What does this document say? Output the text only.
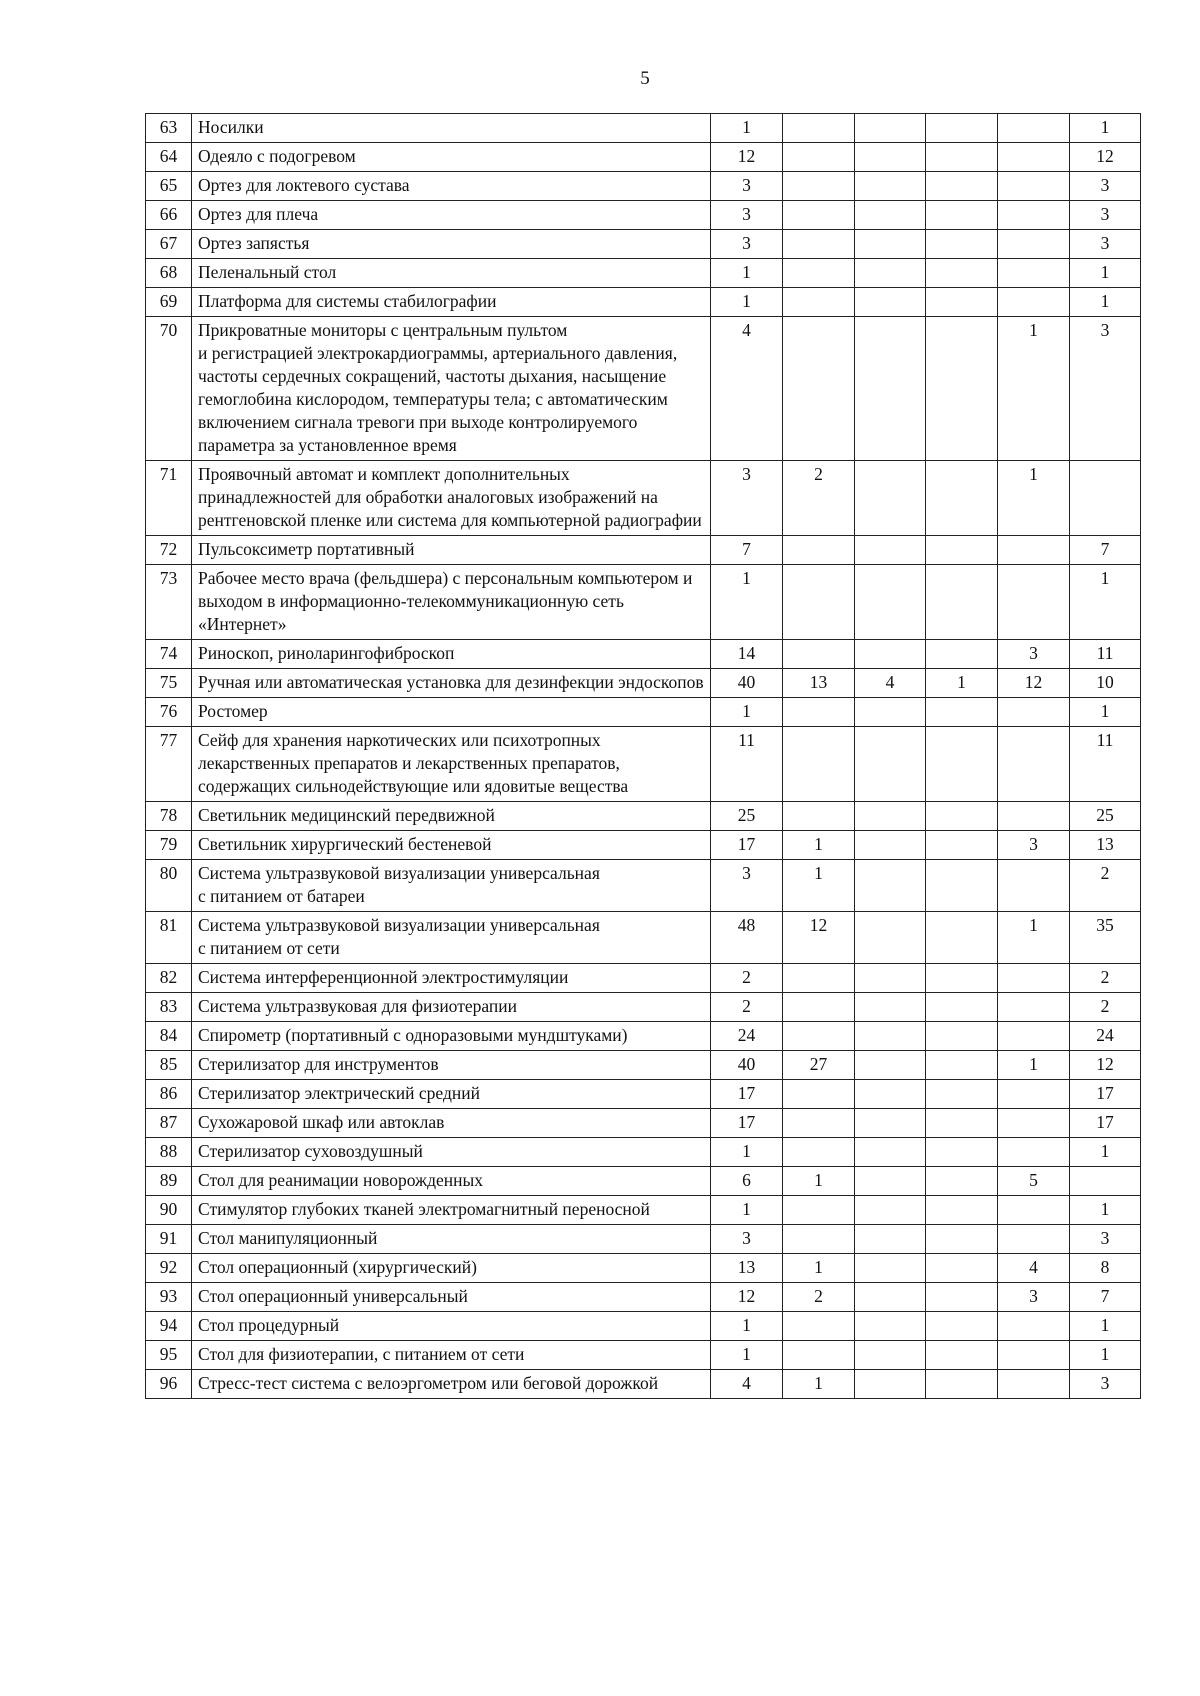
5
63	Носилки	1					1
64	Одеяло с подогревом	12					12
65	Ортез для локтевого сустава	3					3
66	Ортез для плеча	3					3
67	Ортез запястья	3					3
68	Пеленальный стол	1					1
69	Платформа для системы стабилографии	1					1
70	Прикроватные мониторы с центральным пультом
и регистрацией электрокардиограммы, артериального давления, частоты сердечных сокращений, частоты дыхания, насыщение гемоглобина кислородом, температуры тела; с автоматическим включением сигнала тревоги при выходе контролируемого параметра за установленное время	4				1	3
71	Проявочный автомат и комплект дополнительных принадлежностей для обработки аналоговых изображений на рентгеновской пленке или система для компьютерной радиографии	3	2			1	
72	Пульсоксиметр портативный	7					7
73	Рабочее место врача (фельдшера) с персональным компьютером и выходом в информационно-телекоммуникационную сеть «Интернет»	1					1
74	Риноскоп, риноларингофиброскоп	14				3	11
75	Ручная или автоматическая установка для дезинфекции эндоскопов	40	13	4	1	12	10
76	Ростомер	1					1
77	Сейф для хранения наркотических или психотропных лекарственных препаратов и лекарственных препаратов, содержащих сильнодействующие или ядовитые вещества	11					11
78	Светильник медицинский передвижной	25					25
79	Светильник хирургический бестеневой	17	1			3	13
80	Система ультразвуковой визуализации универсальная
с питанием от батареи	3	1				2
81	Система ультразвуковой визуализации универсальная
с питанием от сети	48	12			1	35
82	Система интерференционной электростимуляции	2					2
83	Система ультразвуковая для физиотерапии	2					2
84	Спирометр (портативный с одноразовыми мундштуками)	24					24
85	Стерилизатор для инструментов	40	27			1	12
86	Стерилизатор электрический средний	17					17
87	Сухожаровой шкаф или автоклав	17					17
88	Стерилизатор суховоздушный	1					1
89	Стол для реанимации новорожденных	6	1			5	
90	Стимулятор глубоких тканей электромагнитный переносной	1					1
91	Стол манипуляционный	3					3
92	Стол операционный (хирургический)	13	1			4	8
93	Стол операционный универсальный	12	2			3	7
94	Стол процедурный	1					1
95	Стол для физиотерапии, с питанием от сети	1					1
96	Стресс-тест система с велоэргометром или беговой дорожкой	4	1				3
